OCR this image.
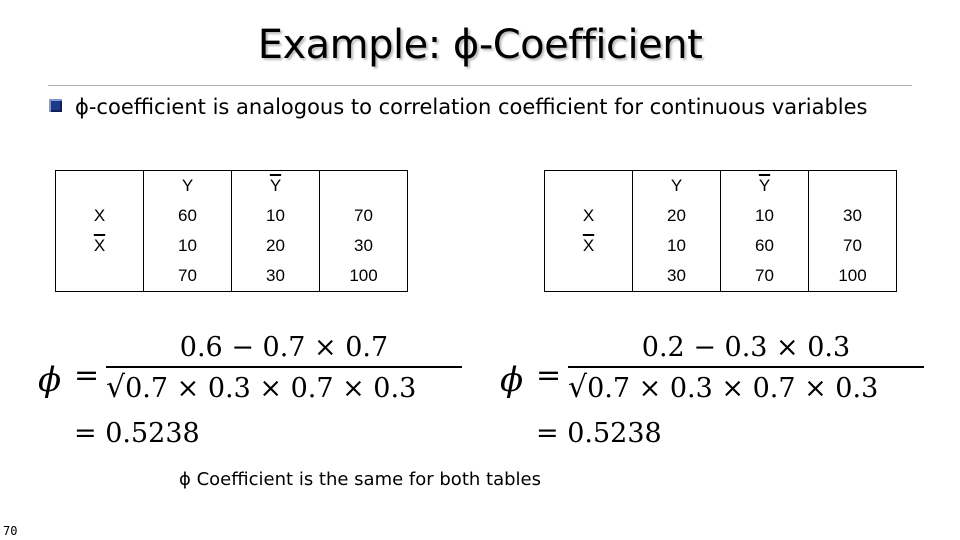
Example: ϕ-Coefficient
ϕ-coefficient is analogous to correlation coefficient for continuous variables
	Y	$\overline{Y}$	
X	60	10	70
$\overline{X}$	10	20	30
	70	30	100
	Y	$\overline{Y}$	
X	20	10	30
$\overline{X}$	10	60	70
	30	70	100
$\phi = \frac{0.6 - 0.7 \times 0.7}{√0.7 \times 0.3 \times 0.7 \times 0.3}$
= 0.5238
$\phi = \frac{0.2 - 0.3 \times 0.3}{√0.7 \times 0.3 \times 0.7 \times 0.3}$
= 0.5238
ϕ Coefficient is the same for both tables
70
